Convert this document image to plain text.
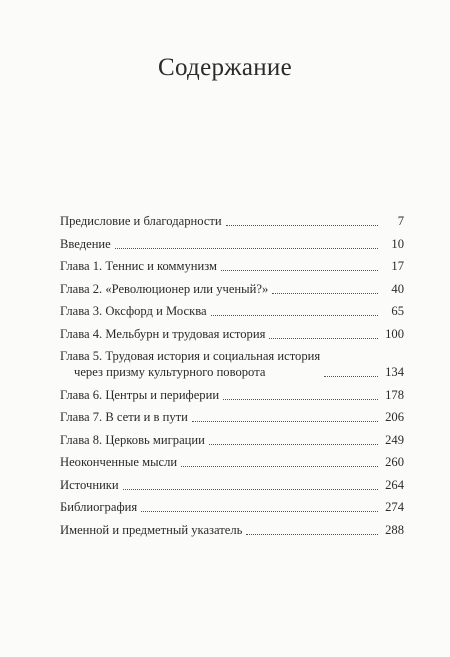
Содержание
Предисловие и благодарности	7
Введение	10
Глава 1. Теннис и коммунизм	17
Глава 2. «Революционер или ученый?»	40
Глава 3. Оксфорд и Москва	65
Глава 4. Мельбурн и трудовая история	100
Глава 5. Трудовая история и социальная история
через призму культурного поворота	134
Глава 6. Центры и периферии	178
Глава 7. В сети и в пути	206
Глава 8. Церковь миграции	249
Неоконченные мысли	260
Источники	264
Библиография	274
Именной и предметный указатель	288
